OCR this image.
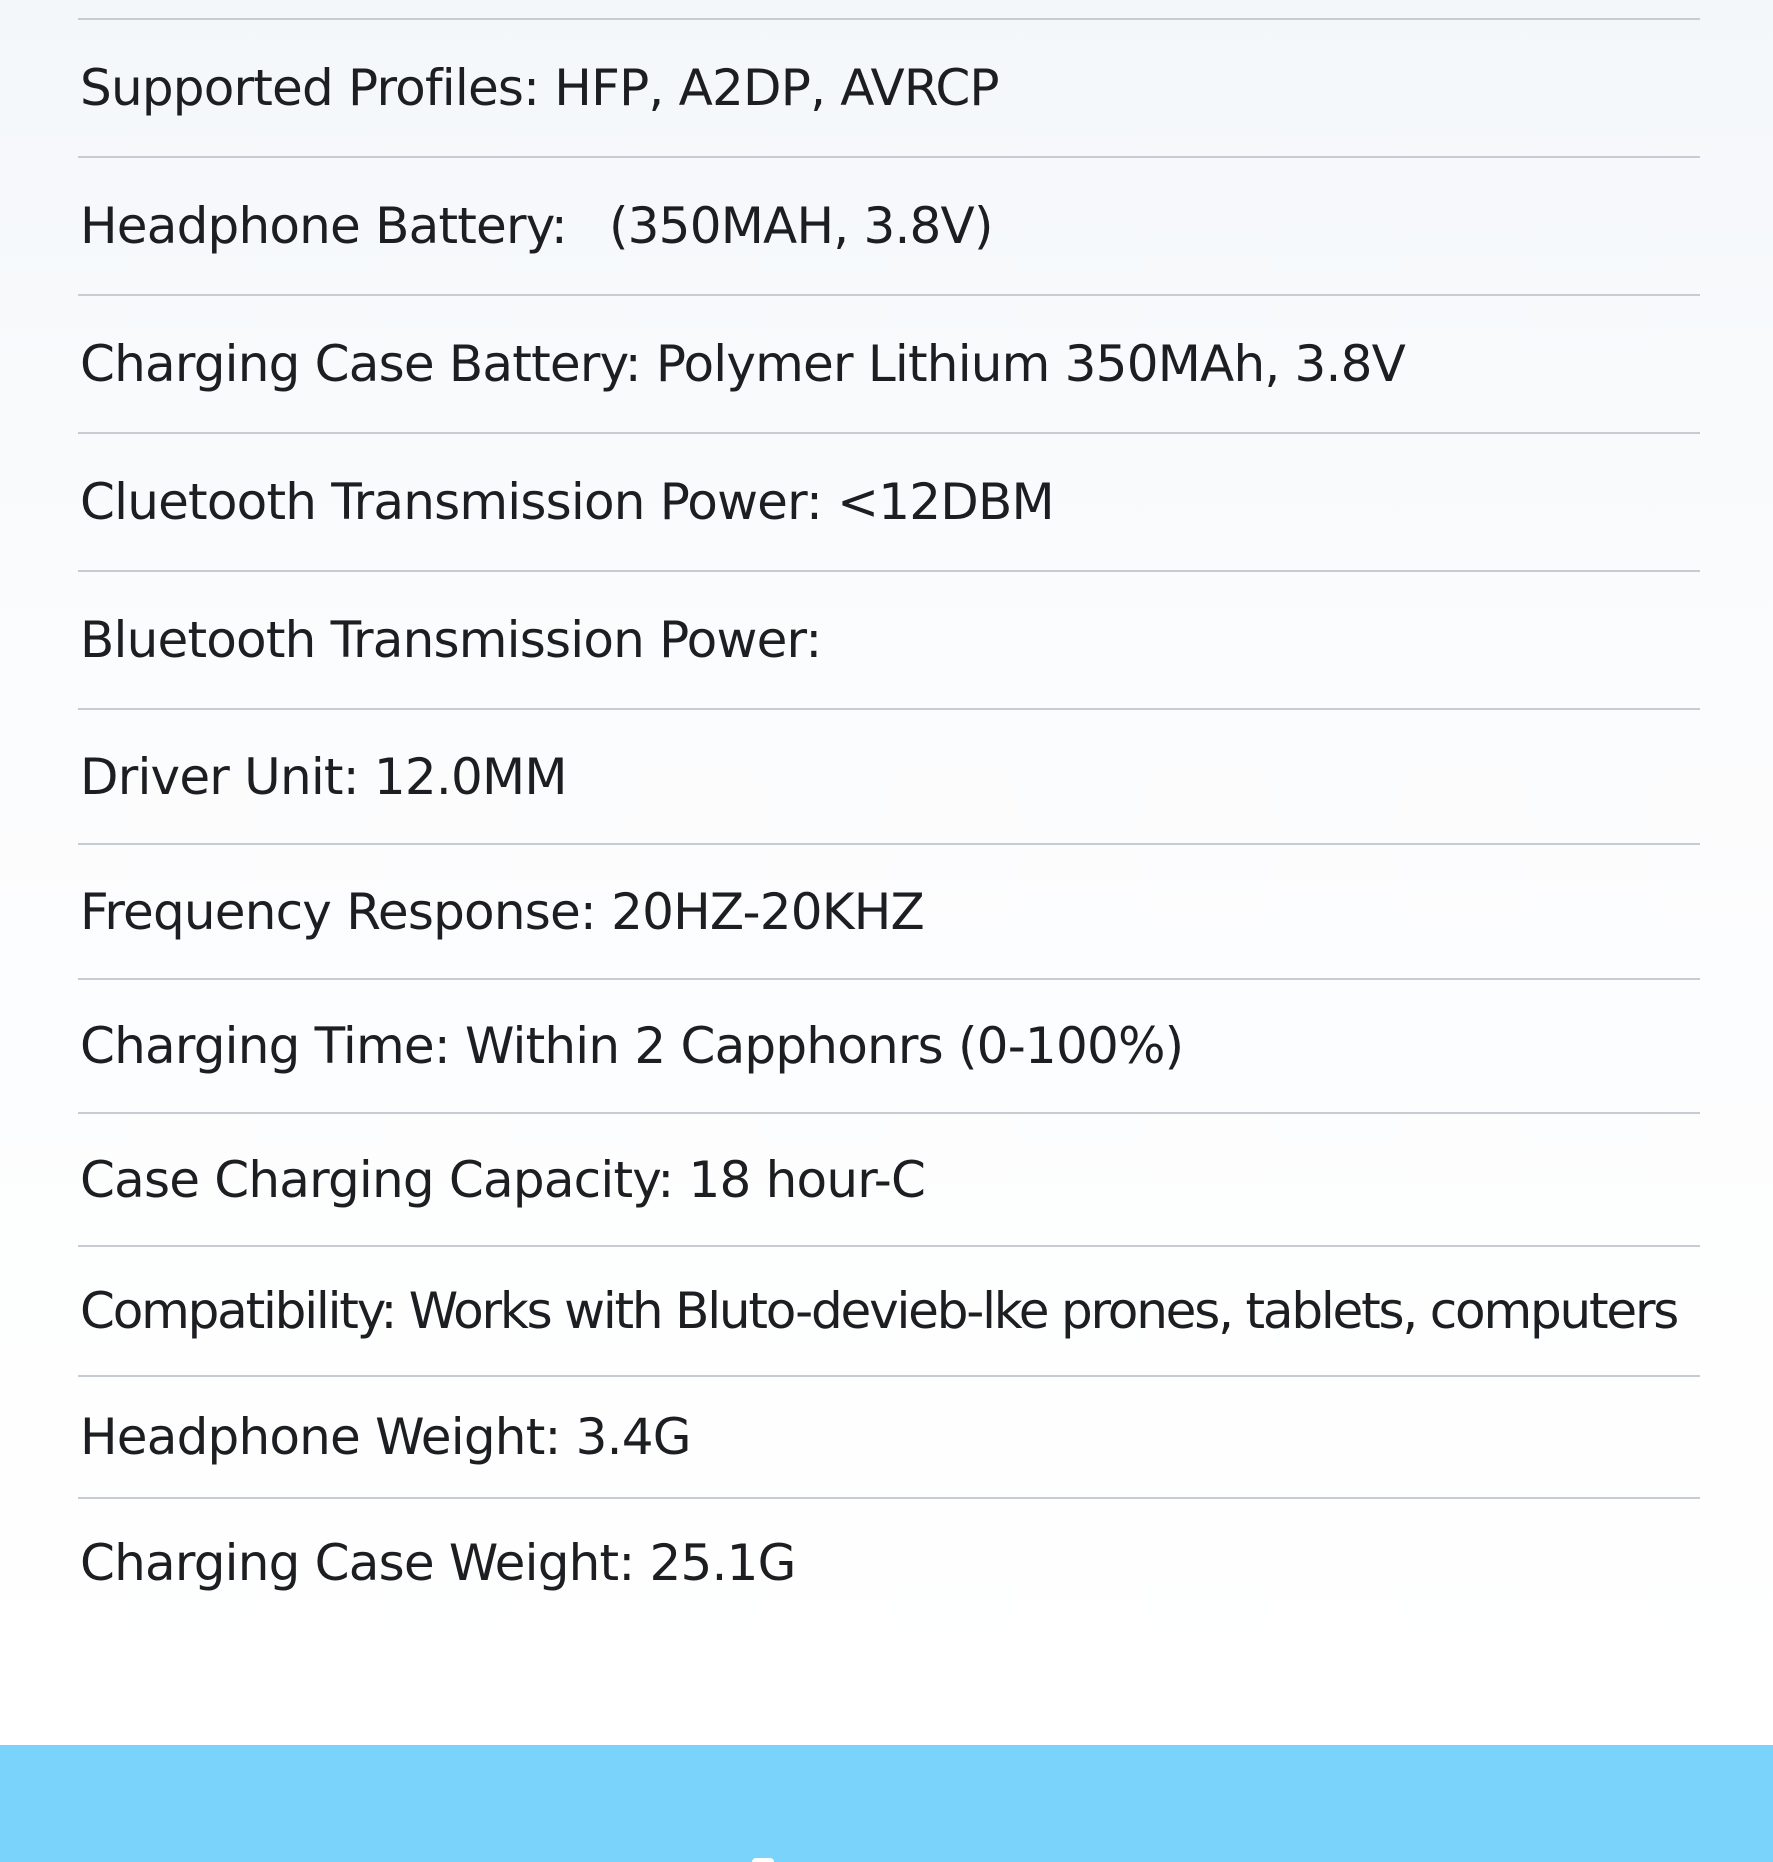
Supported Profiles: HFP, A2DP, AVRCP
Headphone Battery: (350MAH, 3.8V)
Charging Case Battery: Polymer Lithium 350MAh, 3.8V
Cluetooth Transmission Power: <12DBM
Bluetooth Transmission Power:
Driver Unit: 12.0MM
Frequency Response: 20HZ-20KHZ
Charging Time: Within 2 Capphonrs (0-100%)
Case Charging Capacity: 18 hour-C
Compatibility: Works with Bluto-devieb-lke prones, tablets, computers
Headphone Weight: 3.4G
Charging Case Weight: 25.1G
